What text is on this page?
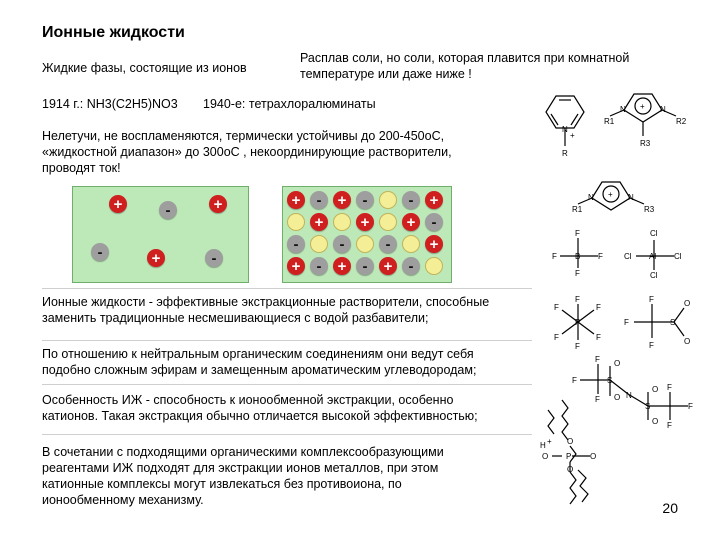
Ионные жидкости
Жидкие фазы, состоящие из ионов
Расплав соли, но соли, которая плавится при комнатной
температуре или даже ниже !
1914 г.: NH3(C2H5)NO3 1940-е: тетрахлоралюминаты
Нелетучи, не воспламеняются, термически устойчивы до 200-450oC,
«жидкостной диапазон» до 300oC , некоординирующие растворители,
проводят ток!
+	-	+
-	+	-
+	-	+	-	-	+
+	+	+	-
-	-	-	+
+	-	+	-	+	-
Ионные жидкости - эффективные экстракционные растворители, способные
заменить традиционные несмешивающиеся с водой разбавители;
По отношению к нейтральным органическим соединениям они ведут себя
подобно сложным эфирам и замещенным ароматическим углеводородам;
Особенность ИЖ - способность к ионообменной экстракции, особенно
катионов. Такая экстракция обычно отличается высокой эффективностью;
В сочетании с подходящими органическими комплексообразующими
реагентами ИЖ подходят для экстракции ионов металлов, при этом
катионные комплексы могут извлекаться без противоиона, по
ионообменному механизму.	20
N
+
R
R1
N + N
R2
R3
R1
N + N
R3
F
F B F
F
Cl
Cl Al Cl
Cl
F
F	F
P
F	F
F
F
F
F
S
O
O
F
F
F
S
O
O N
S
O
O
F
F
F
H +
O P O
O
O
